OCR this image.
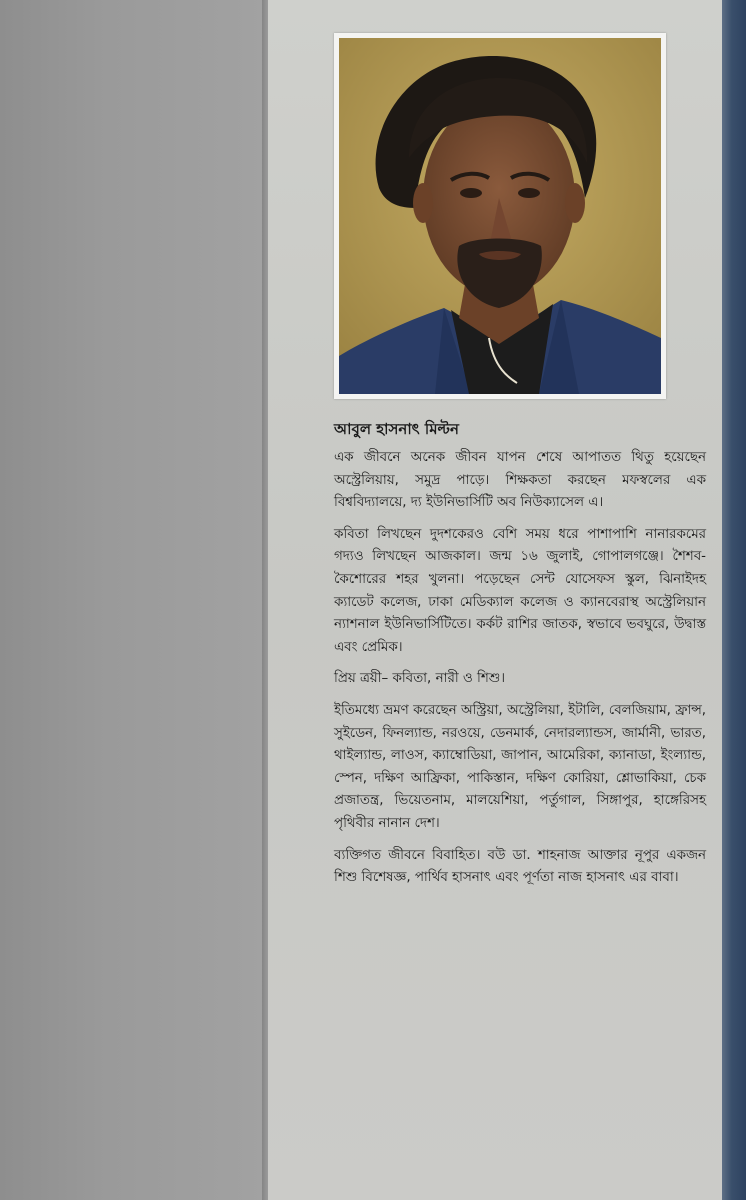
আবুল হাসনাৎ মিল্টন

এক জীবনে অনেক জীবন যাপন শেষে আপাতত থিতু হয়েছেন অস্ট্রেলিয়ায়, সমুদ্র পাড়ে। শিক্ষকতা করছেন মফস্বলের এক বিশ্ববিদ্যালয়ে, দ্য ইউনিভার্সিটি অব নিউক্যাসেল এ।

কবিতা লিখছেন দুদশকেরও বেশি সময় ধরে পাশাপাশি নানারকমের গদ্যও লিখছেন আজকাল। জন্ম ১৬ জুলাই, গোপালগঞ্জে। শৈশব-কৈশোরের শহর খুলনা। পড়েছেন সেন্ট যোসেফস স্কুল, ঝিনাইদহ ক্যাডেট কলেজ, ঢাকা মেডিক্যাল কলেজ ও ক্যানবেরাস্থ অস্ট্রেলিয়ান ন্যাশনাল ইউনিভার্সিটিতে। কর্কট রাশির জাতক, স্বভাবে ভবঘুরে, উদ্বাস্ত এবং প্রেমিক।

প্রিয় ত্রয়ী– কবিতা, নারী ও শিশু।

ইতিমধ্যে ভ্রমণ করেছেন অস্ট্রিয়া, অস্ট্রেলিয়া, ইটালি, বেলজিয়াম, ফ্রান্স, সুইডেন, ফিনল্যান্ড, নরওয়ে, ডেনমার্ক, নেদারল্যান্ডস, জার্মানী, ভারত, থাইল্যান্ড, লাওস, ক্যাম্বোডিয়া, জাপান, আমেরিকা, ক্যানাডা, ইংল্যান্ড, স্পেন, দক্ষিণ আফ্রিকা, পাকিস্তান, দক্ষিণ কোরিয়া, শ্লোভাকিয়া, চেক প্রজাতন্ত্র, ভিয়েতনাম, মালয়েশিয়া, পর্তুগাল, সিঙ্গাপুর, হাঙ্গেরিসহ পৃথিবীর নানান দেশ।

ব্যক্তিগত জীবনে বিবাহিত। বউ ডা. শাহনাজ আক্তার নূপুর একজন শিশু বিশেষজ্ঞ, পার্থিব হাসনাৎ এবং পূর্ণতা নাজ হাসনাৎ এর বাবা।
